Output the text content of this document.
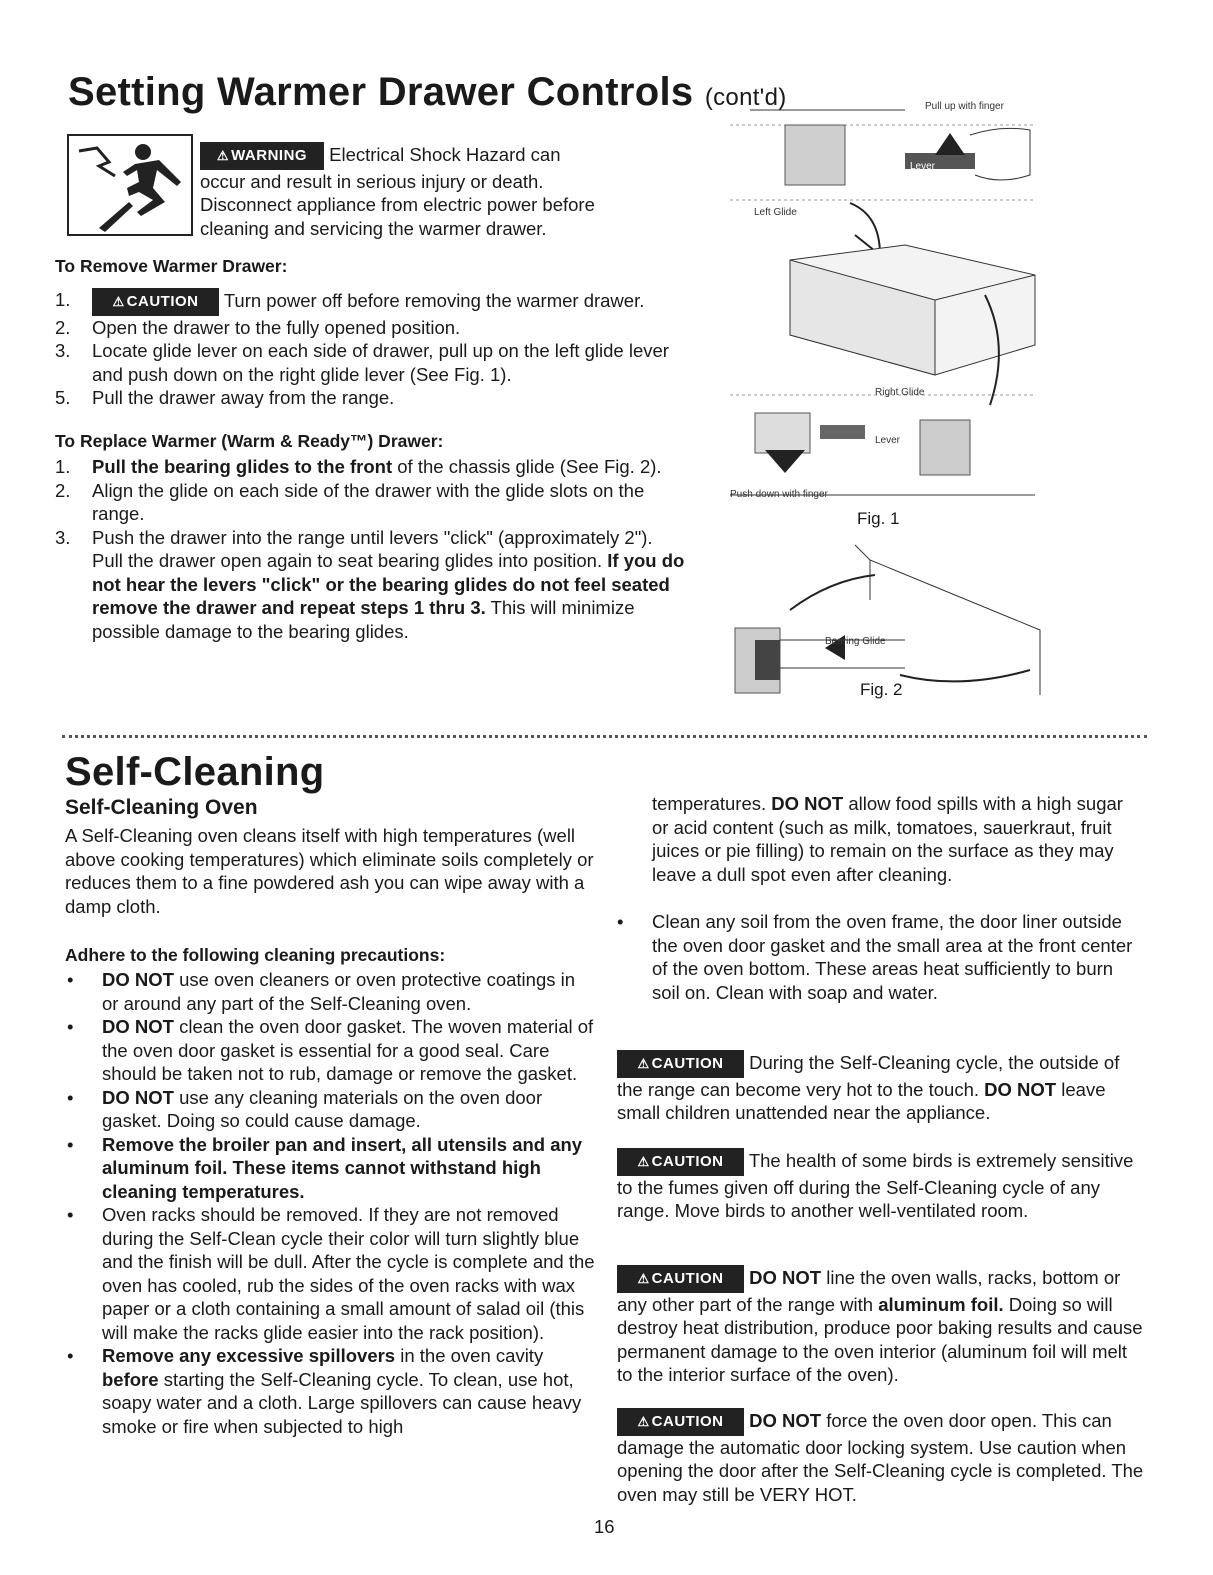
Setting Warmer Drawer Controls (cont'd)
⚠ WARNING Electrical Shock Hazard can occur and result in serious injury or death. Disconnect appliance from electric power before cleaning and servicing the warmer drawer.
To Remove Warmer Drawer:
1.	⚠ CAUTION Turn power off before removing the warmer drawer.
2. Open the drawer to the fully opened position.
3. Locate glide lever on each side of drawer, pull up on the left glide lever and push down on the right glide lever (See Fig. 1).
5. Pull the drawer away from the range.
To Replace Warmer (Warm & Ready™) Drawer:
1. Pull the bearing glides to the front of the chassis glide (See Fig. 2).
2. Align the glide on each side of the drawer with the glide slots on the range.
3. Push the drawer into the range until levers "click" (approximately 2"). Pull the drawer open again to seat bearing glides into position. If you do not hear the levers "click" or the bearing glides do not feel seated remove the drawer and repeat steps 1 thru 3. This will minimize possible damage to the bearing glides.
Pull up with finger
Left Glide
Lever
Right Glide
Lever
Push down with finger
Fig. 1
Bearing Glide
Fig. 2
Self-Cleaning
Self-Cleaning Oven
A Self-Cleaning oven cleans itself with high temperatures (well above cooking temperatures) which eliminate soils completely or reduces them to a fine powdered ash you can wipe away with a damp cloth.
Adhere to the following cleaning precautions:
• DO NOT use oven cleaners or oven protective coatings in or around any part of the Self-Cleaning oven.
• DO NOT clean the oven door gasket. The woven material of the oven door gasket is essential for a good seal. Care should be taken not to rub, damage or remove the gasket.
• DO NOT use any cleaning materials on the oven door gasket. Doing so could cause damage.
• Remove the broiler pan and insert, all utensils and any aluminum foil. These items cannot withstand high cleaning temperatures.
• Oven racks should be removed. If they are not removed during the Self-Clean cycle their color will turn slightly blue and the finish will be dull. After the cycle is complete and the oven has cooled, rub the sides of the oven racks with wax paper or a cloth containing a small amount of salad oil (this will make the racks glide easier into the rack position).
• Remove any excessive spillovers in the oven cavity before starting the Self-Cleaning cycle. To clean, use hot, soapy water and a cloth. Large spillovers can cause heavy smoke or fire when subjected to high
temperatures. DO NOT allow food spills with a high sugar or acid content (such as milk, tomatoes, sauerkraut, fruit juices or pie filling) to remain on the surface as they may leave a dull spot even after cleaning.
• Clean any soil from the oven frame, the door liner outside the oven door gasket and the small area at the front center of the oven bottom. These areas heat sufficiently to burn soil on. Clean with soap and water.
⚠ CAUTION During the Self-Cleaning cycle, the outside of the range can become very hot to the touch. DO NOT leave small children unattended near the appliance.
⚠ CAUTION The health of some birds is extremely sensitive to the fumes given off during the Self-Cleaning cycle of any range. Move birds to another well-ventilated room.
⚠ CAUTION DO NOT line the oven walls, racks, bottom or any other part of the range with aluminum foil. Doing so will destroy heat distribution, produce poor baking results and cause permanent damage to the oven interior (aluminum foil will melt to the interior surface of the oven).
⚠ CAUTION DO NOT force the oven door open. This can damage the automatic door locking system. Use caution when opening the door after the Self-Cleaning cycle is completed. The oven may still be VERY HOT.
16
